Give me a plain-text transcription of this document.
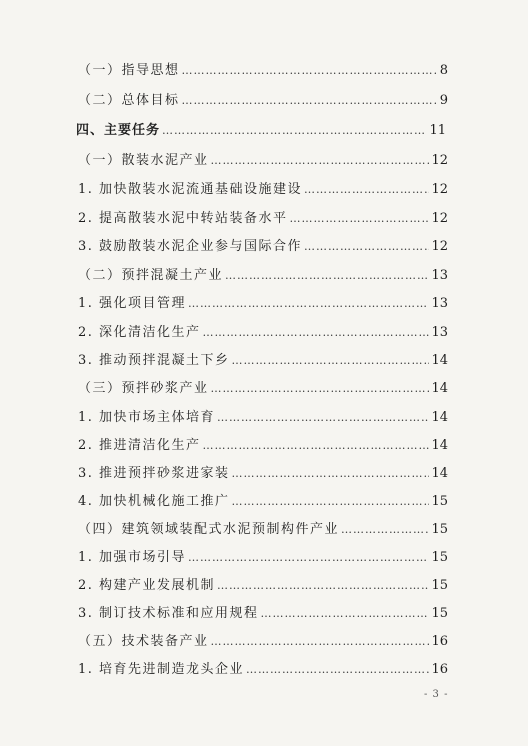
（一）指导思想 ……………………………………………………………………………………………………………………………………………………	8
（二）总体目标 ……………………………………………………………………………………………………………………………………………………	9
四、主要任务 ……………………………………………………………………………………………………………………………………………………	11
（一）散装水泥产业 ……………………………………………………………………………………………………………………………………………………	12
1. 加快散装水泥流通基础设施建设 ……………………………………………………………………………………………………………………………………………………	12
2. 提高散装水泥中转站装备水平 ……………………………………………………………………………………………………………………………………………………	12
3. 鼓励散装水泥企业参与国际合作 ……………………………………………………………………………………………………………………………………………………	12
（二）预拌混凝土产业 ……………………………………………………………………………………………………………………………………………………	13
1. 强化项目管理 ……………………………………………………………………………………………………………………………………………………	13
2. 深化清洁化生产 ……………………………………………………………………………………………………………………………………………………	13
3. 推动预拌混凝土下乡 ……………………………………………………………………………………………………………………………………………………	14
（三）预拌砂浆产业 ……………………………………………………………………………………………………………………………………………………	14
1. 加快市场主体培育 ……………………………………………………………………………………………………………………………………………………	14
2. 推进清洁化生产 ……………………………………………………………………………………………………………………………………………………	14
3. 推进预拌砂浆进家装 ……………………………………………………………………………………………………………………………………………………	14
4. 加快机械化施工推广 ……………………………………………………………………………………………………………………………………………………	15
（四）建筑领域装配式水泥预制构件产业 ……………………………………………………………………………………………………………………………………………………	15
1. 加强市场引导 ……………………………………………………………………………………………………………………………………………………	15
2. 构建产业发展机制 ……………………………………………………………………………………………………………………………………………………	15
3. 制订技术标准和应用规程 ……………………………………………………………………………………………………………………………………………………	15
（五）技术装备产业 ……………………………………………………………………………………………………………………………………………………	16
1. 培育先进制造龙头企业 ……………………………………………………………………………………………………………………………………………………	16
- 3 -
